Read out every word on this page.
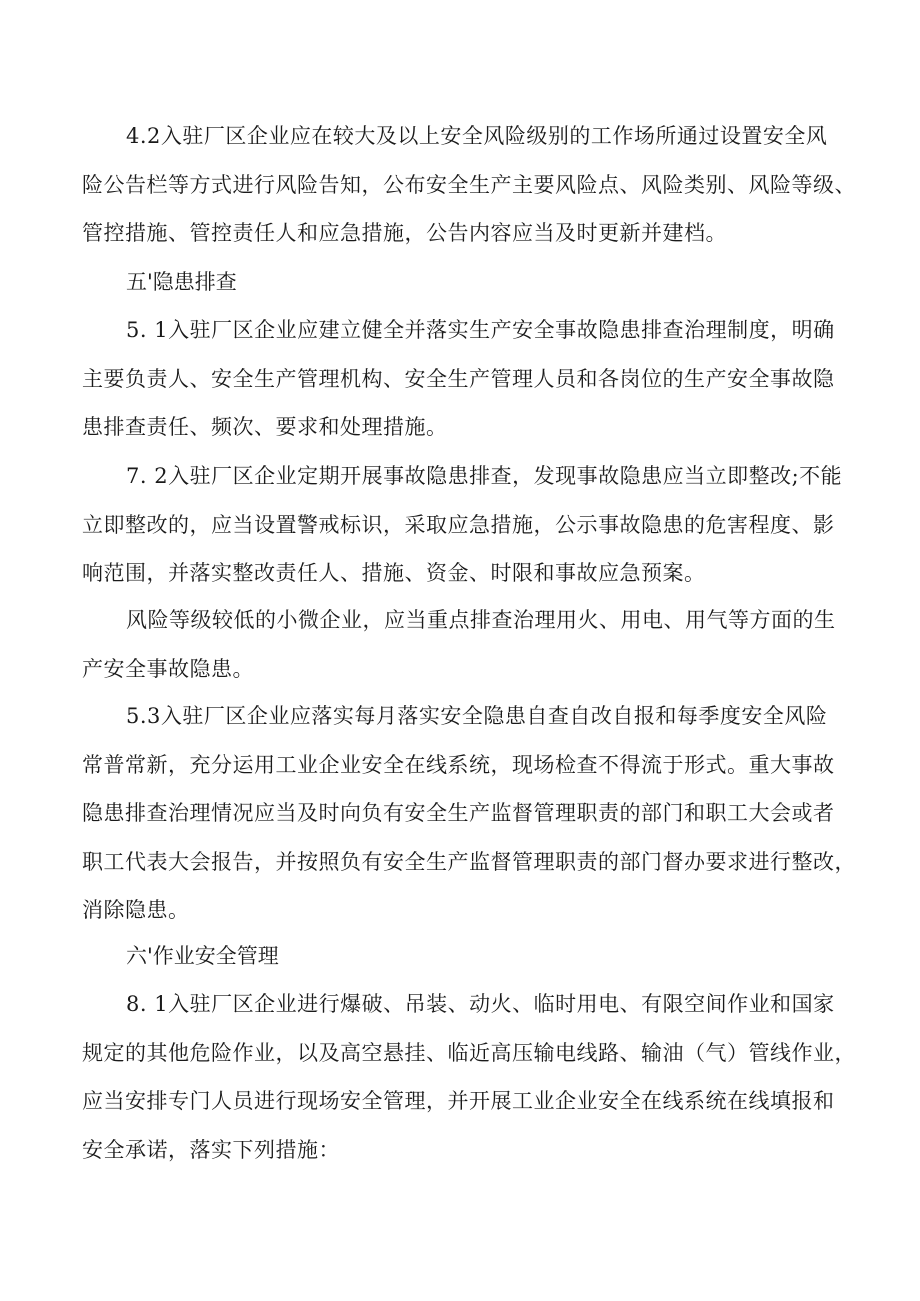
4.2入驻厂区企业应在较大及以上安全风险级别的工作场所通过设置安全风
险公告栏等方式进行风险告知，公布安全生产主要风险点、风险类别、风险等级、
管控措施、管控责任人和应急措施，公告内容应当及时更新并建档。
五'隐患排查
5. 1入驻厂区企业应建立健全并落实生产安全事故隐患排查治理制度，明确
主要负责人、安全生产管理机构、安全生产管理人员和各岗位的生产安全事故隐
患排查责任、频次、要求和处理措施。
7. 2入驻厂区企业定期开展事故隐患排查，发现事故隐患应当立即整改;不能
立即整改的，应当设置警戒标识，采取应急措施，公示事故隐患的危害程度、影
响范围，并落实整改责任人、措施、资金、时限和事故应急预案。
风险等级较低的小微企业，应当重点排查治理用火、用电、用气等方面的生
产安全事故隐患。
5.3入驻厂区企业应落实每月落实安全隐患自查自改自报和每季度安全风险
常普常新，充分运用工业企业安全在线系统，现场检查不得流于形式。重大事故
隐患排查治理情况应当及时向负有安全生产监督管理职责的部门和职工大会或者
职工代表大会报告，并按照负有安全生产监督管理职责的部门督办要求进行整改，
消除隐患。
六'作业安全管理
8. 1入驻厂区企业进行爆破、吊装、动火、临时用电、有限空间作业和国家
规定的其他危险作业，以及高空悬挂、临近高压输电线路、输油（气）管线作业，
应当安排专门人员进行现场安全管理，并开展工业企业安全在线系统在线填报和
安全承诺，落实下列措施：
